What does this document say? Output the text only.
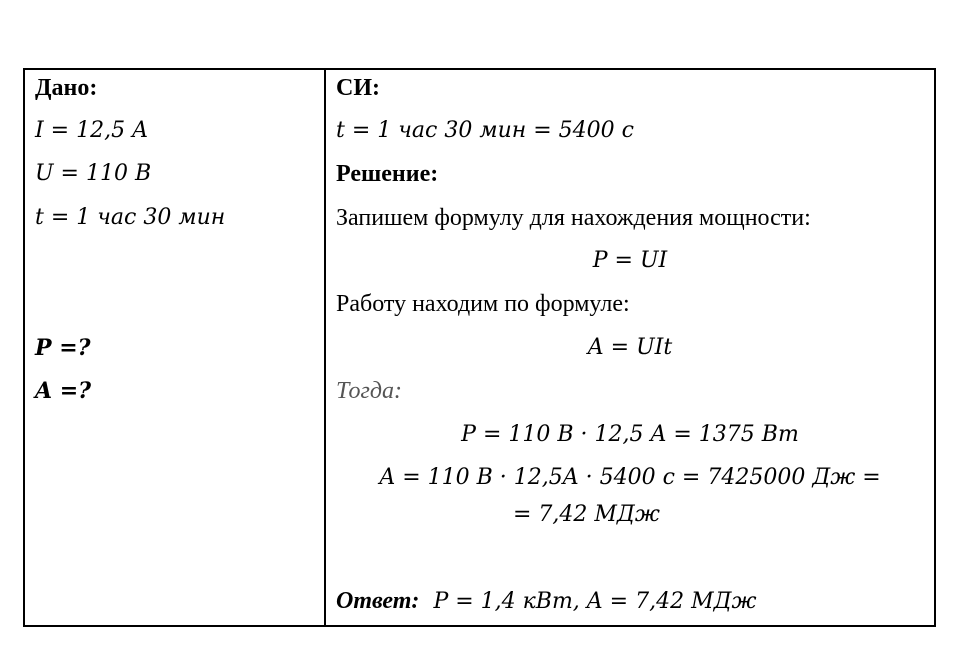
Дано:
I = 12,5 A
U = 110 B
t = 1 час 30 мин
P =?
A =?
СИ:
t = 1 час 30 мин = 5400 с
Решение:
Запишем формулу для нахождения мощности:
P = UI
Работу находим по формуле:
A = UIt
Тогда:
P = 110 B · 12,5 A = 1375 Вт
A = 110 B · 12,5A · 5400 с = 7425000 Дж =
= 7,42 МДж
Ответ: P = 1,4 кВт, A = 7,42 МДж
